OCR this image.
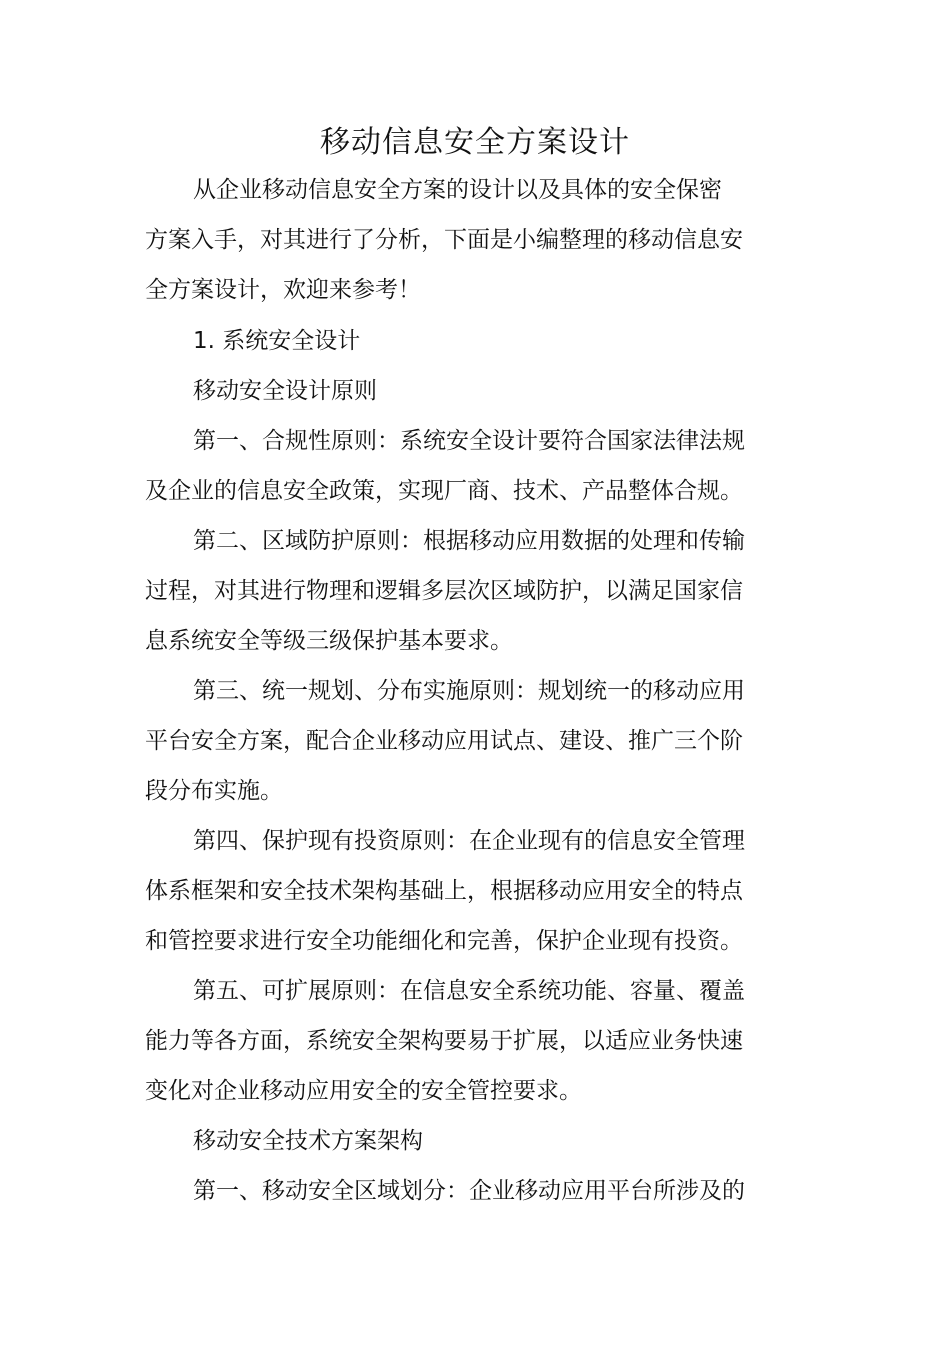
移动信息安全方案设计

从企业移动信息安全方案的设计以及具体的安全保密

方案入手，对其进行了分析，下面是小编整理的移动信息安

全方案设计，欢迎来参考！

1. 系统安全设计

移动安全设计原则

第一、合规性原则：系统安全设计要符合国家法律法规

及企业的信息安全政策，实现厂商、技术、产品整体合规。

第二、区域防护原则：根据移动应用数据的处理和传输

过程，对其进行物理和逻辑多层次区域防护，以满足国家信

息系统安全等级三级保护基本要求。

第三、统一规划、分布实施原则：规划统一的移动应用

平台安全方案，配合企业移动应用试点、建设、推广三个阶

段分布实施。

第四、保护现有投资原则：在企业现有的信息安全管理

体系框架和安全技术架构基础上，根据移动应用安全的特点

和管控要求进行安全功能细化和完善，保护企业现有投资。

第五、可扩展原则：在信息安全系统功能、容量、覆盖

能力等各方面，系统安全架构要易于扩展，以适应业务快速

变化对企业移动应用安全的安全管控要求。

移动安全技术方案架构

第一、移动安全区域划分：企业移动应用平台所涉及的
